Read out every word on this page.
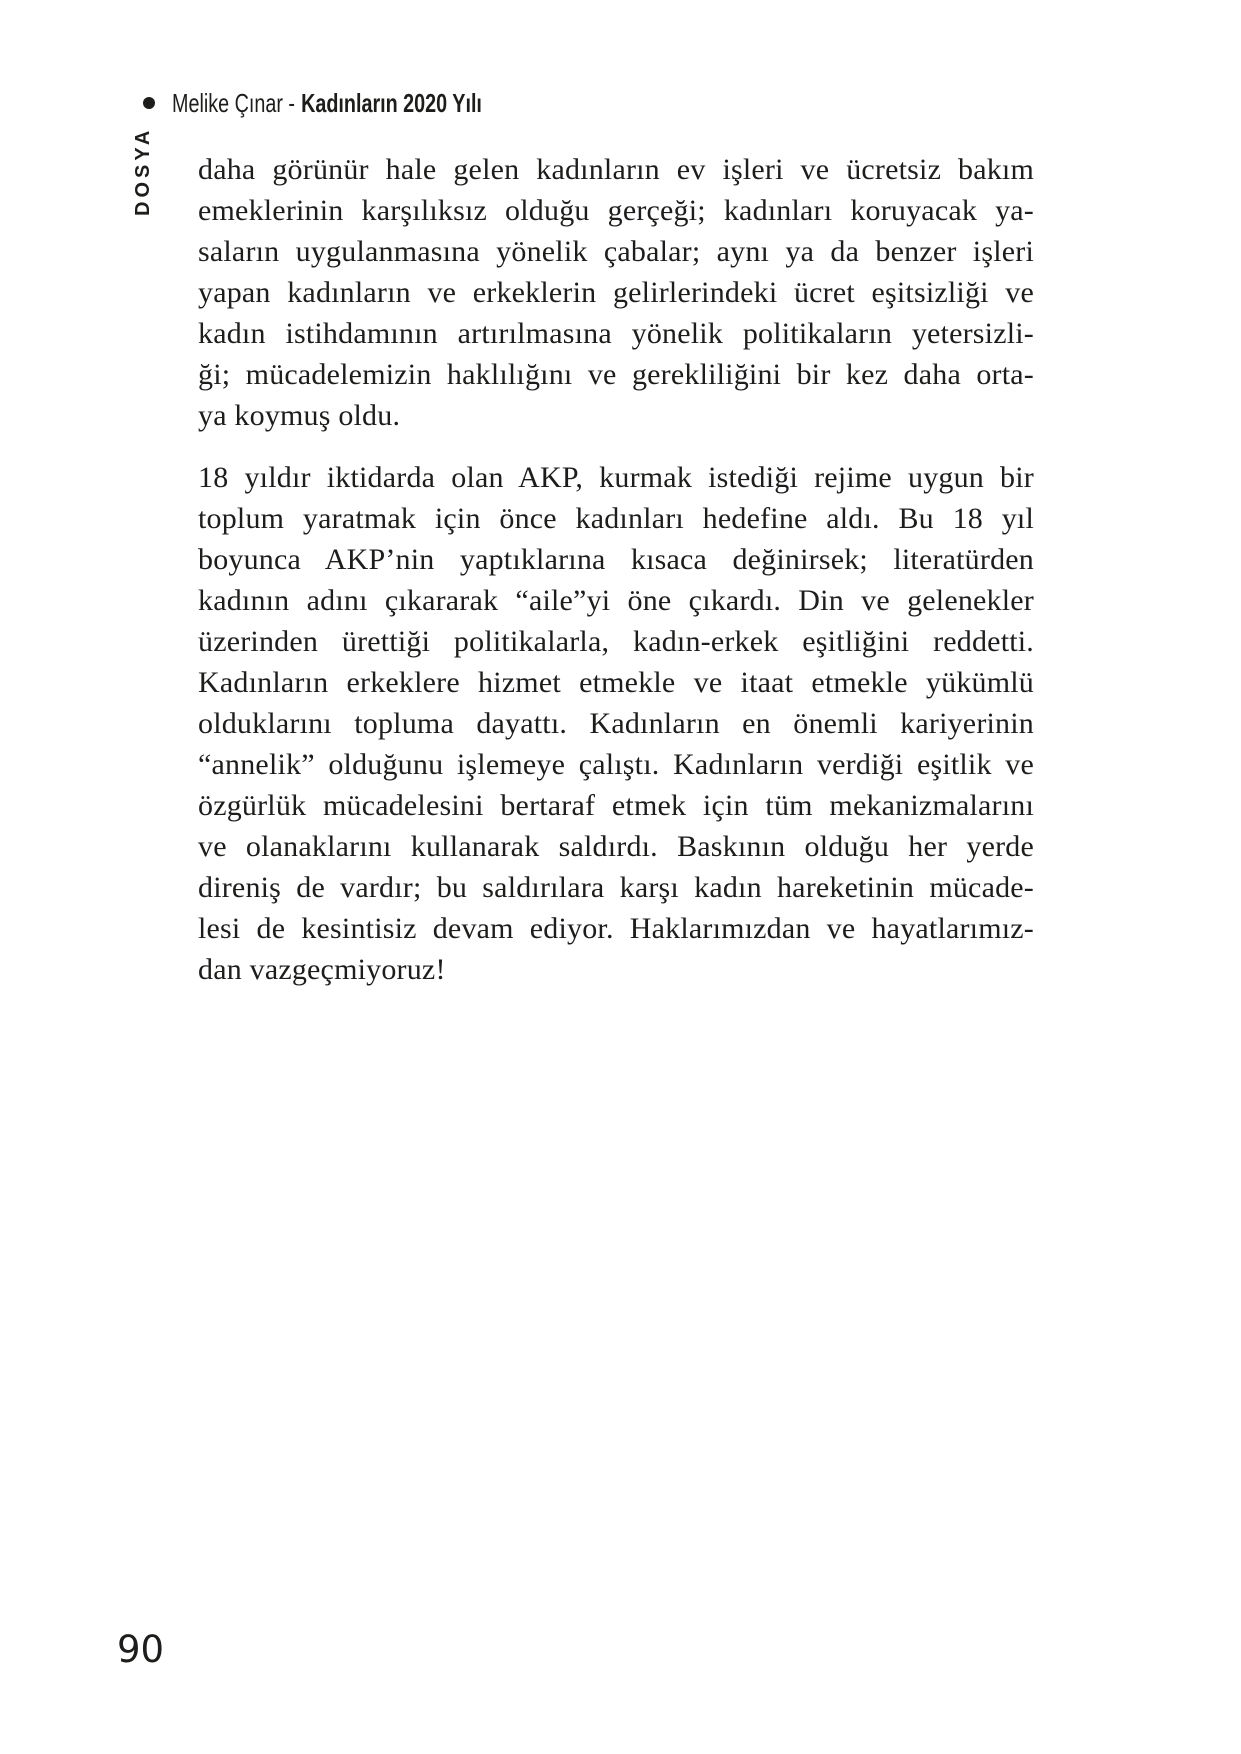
Melike Çınar - Kadınların 2020 Yılı
DOSYA daha görünür hale gelen kadınların ev işleri ve ücretsiz bakım
emeklerinin karşılıksız olduğu gerçeği; kadınları koruyacak ya-
saların uygulanmasına yönelik çabalar; aynı ya da benzer işleri
yapan kadınların ve erkeklerin gelirlerindeki ücret eşitsizliği ve
kadın istihdamının artırılmasına yönelik politikaların yetersizli-
ği; mücadelemizin haklılığını ve gerekliliğini bir kez daha orta-
ya koymuş oldu.
18 yıldır iktidarda olan AKP, kurmak istediği rejime uygun bir
toplum yaratmak için önce kadınları hedefine aldı. Bu 18 yıl
boyunca AKP’nin yaptıklarına kısaca değinirsek; literatürden
kadının adını çıkararak “aile”yi öne çıkardı. Din ve gelenekler
üzerinden ürettiği politikalarla, kadın-erkek eşitliğini reddetti.
Kadınların erkeklere hizmet etmekle ve itaat etmekle yükümlü
olduklarını topluma dayattı. Kadınların en önemli kariyerinin
“annelik” olduğunu işlemeye çalıştı. Kadınların verdiği eşitlik ve
özgürlük mücadelesini bertaraf etmek için tüm mekanizmalarını
ve olanaklarını kullanarak saldırdı. Baskının olduğu her yerde
direniş de vardır; bu saldırılara karşı kadın hareketinin mücade-
lesi de kesintisiz devam ediyor. Haklarımızdan ve hayatlarımız-
dan vazgeçmiyoruz!
90
